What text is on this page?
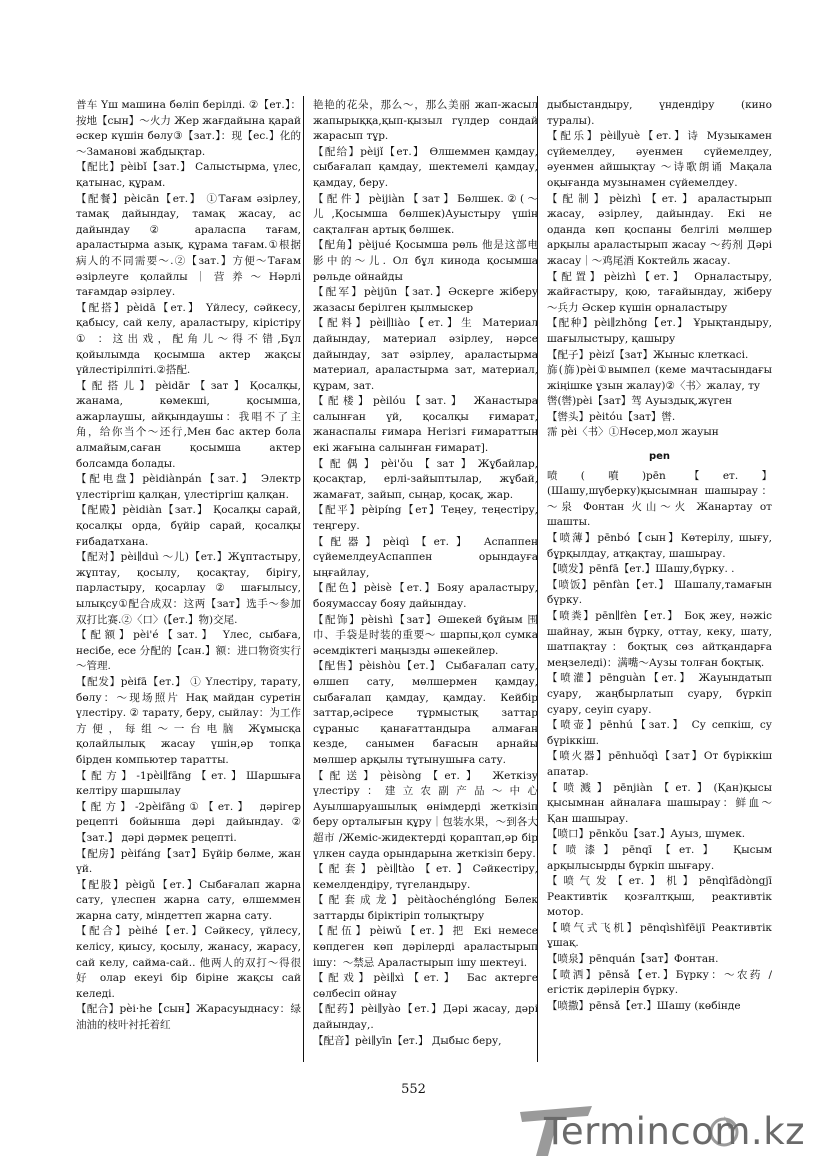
普车 Үш машина бөліп берілді. ②【ет.】：按地【сын】～火力 Жер жағдайына қарай әскер күшін бөлу③【зат.】：现【ес.】化的～Заманові жабдықтар.

【配比】pèibǐ【зат.】 Салыстырма, үлес, қатынас, құрам.

【配餐】pèicān【ет.】 ①Тағам әзірлеу, тамақ дайындау, тамақ жасау, ас дайындау ② араласпа тағам, араластырма азық, құрама тағам.①根据病人的不同需要～.②【зат.】方便～Тағам әзірлеуге қолайлы｜营养～Нәрлі тағамдар әзірлеу.

【配搭】pèidā【ет.】 Үйлесу, сәйкесу, қабысу, сай келу, араластыру, кірістіру ① ：这出戏，配角儿～得不错,Бұл қойылымда қосымша актер жақсы үйлестірілпіті.②搭配.

【配搭儿】pèidār【зат】Қосалқы, жанама, көмекші, қосымша, ажарлаушы, айқындаушы：我唱不了主角，给你当个～还行,Мен бас актер бола алмайым,саған қосымша актер болсамда болады.

【配电盘】pèidiànpán【зат.】 Электр үлестіргіш қалқан, үлестіргіш қалқан.

【配殿】pèidiàn【зат.】 Қосалқы сарай, қосалқы орда, бүйір сарай, қосалқы ғибадатхана.

【配对】pèi∥duì ～儿)【ет.】Жұптастыру, жұптау, қосылу, қосақтау, бірігу, парластыру, қосарлау ② шағылысу, ылықсу①配合成双：这两【зат】选手～参加双打比赛.②〈口〉(【ет.】物)交尾.

【配额】pèi'é【зат.】 Үлес, сыбаға, несібе, есе 分配的【сан.】额：进口物资实行～管理.

【配发】pèifā【ет.】 ① Үлестіру, тарату, бөлу：～现场照片 Нақ майдан суретін үлестіру. ② тарату, беру, сыйлау：为工作方便，每组～一台电脑 Жұмысқа қолайлылық жасау үшін,әр топқа бірден компьютер таратты.

【配方】-1pèi∥fāng【ет.】Шаршыға келтіру шаршылау

【配方】-2pèifāng①【ет.】 дәрігер рецепті бойынша дәрі дайындау.②【зат.】 дәрі дәрмек рецепті.

【配房】pèifáng【зат】Бүйір бөлме, жан үй.

【配股】pèigǔ【ет.】Сыбағалап жарна сату, үлеспен жарна сату, өлшеммен жарна сату, міндеттеп жарна сату.

【配合】pèihé【ет.】Сәйкесу, үйлесу, келісу, қиысу, қосылу, жанасу, жарасу, сай келу, сайма-сай.. 他两人的双打～得很好 олар екеуі бір біріне жақсы сай келеді.

【配合】pèi·he【сын】Жарасуыднасу：绿油油的枝叶衬托着红

艳艳的花朵，那么～，那么美丽 жап-жасыл жапырыққа,қып-қызыл гүлдер сондай жарасып тұр.

【配给】pèijǐ【ет.】 Өлшеммен қамдау, сыбағалап қамдау, шектемелі қамдау, қамдау, беру.

【配件】pèijiàn【зат】Бөлшек.②(～儿,Қосымша бөлшек)Ауыстыру үшін сақталған артық бөлшек.

【配角】pèijué Қосымша рөль 他是这部电影中的～儿. Ол бұл кинода қосымша рөльде ойнайды

【配军】pèijūn【зат.】Әскерге жіберу жазасы берілген қылмыскер

【配料】pèi∥liào【ет.】生 Материал дайындау, материал әзірлеу, нәрсе дайындау, зат әзірлеу, араластырма материал, араластырма зат, материал, құрам, зат.

【配楼】pèilóu【зат.】 Жанастыра салынған үй, қосалқы ғимарат, жанаспалы ғимара Негізгі ғимараттың екі жағына салынған ғимарат].

【配偶】pèi'ǒu【зат】Жұбайлар, қосақтар, ерлі-зайыптылар, жұбай, жамағат, зайып, сыңар, қосақ, жар.

【配平】pèipíng【ет】Теңеу, теңестіру, теңгеру.

【配器】pèiqì【ет.】 Аспаппен сүйемелдеуАспаппен орындауға ыңғайлау,

【配色】pèisè【ет.】Бояу араластыру, бояумассау бояу дайындау.

【配饰】pèishì【зат】Әшекей бұйым 围巾、手袋是时装的重要～ шарпы,қол сумка әсемдіктегі маңызды әшекейлер.

【配售】pèishòu【ет.】 Сыбағалап сату, өлшеп сату, мөлшермен қамдау, сыбағалап қамдау, қамдау. Кейбір заттар,әсіресе тұрмыстық заттар сұраныс қанағаттандыра алмаған кезде, санымен бағасын арнайы мөлшер арқылы тұтынушыға сату.

【配送】pèisòng【ет.】 Жеткізу үлестіру：建立农副产品～中心 Ауылшаруашылық өнімдерді жеткізіп беру орталығын құру｜包装水果，～到各大超市 /Жеміс-жидектерді қораптап,әр бір үлкен сауда орындарына жеткізіп беру.

【配套】pèi∥tào【ет.】Сәйкестіру, кемелдендіру, түгеландыру.

【配套成龙】pèitàochénglóng Бөлек заттарды біріктіріп толықтыру

【配伍】pèiwǔ【ет.】把 Екі немесе көпдеген көп дәрілерді араластырып ішу：～禁忌 Араластырып ішу шектеуі.

【配戏】pèi∥xì【ет.】 Бас актерге сөлбесіп ойнау

【配药】pèi∥yào【ет.】Дәрі жасау, дәрі дайындау,.

【配音】pèi∥yīn【ет.】 Дыбыс беру,

дыбыстандыру, үндендіру (кино туралы).

【配乐】pèi∥yuè【ет.】诗 Музыкамен сүйемелдеу, әуенмен сүйемелдеу, әуенмен айшықтау ～诗歌朗诵 Мақала оқығанда музынамен сүйемелдеу.

【配制】pèizhì【ет.】араластырып жасау, әзірлеу, дайындау. Екі не оданда көп қоспаны белгілі мөлшер арқылы араластырып жасау ～药剂 Дәрі жасау｜～鸡尾酒 Коктейль жасау.

【配置】pèizhì【ет.】 Орналастыру, жайғастыру, қою, тағайындау, жіберу ～兵力 Әскер күшін орналастыру

【配种】pèi∥zhǒng【ет.】 Ұрықтандыру, шағылыстыру, қашыру

【配子】pèizǐ【зат】Жыныс клеткасі.

旆(旆)pèi①вымпел (кеме мачтасындағы жіңішке ұзын жалау)②〈书〉жалау, ту

辔(辔)pèi【зат】驾 Ауыздық,жүген

【辔头】pèitóu【зат】辔.

霈 pèi〈书〉①Нөсер,мол жауын

pen

喷(噴)pēn【ет.】(Шашу,шүберку)қысымнан шашырау：～泉 Фонтан 火山～火 Жанартау от шашты.

【喷薄】pēnbó【сын】Көтерілу, шығу, бұрқылдау, атқақтау, шашырау.

【喷发】pēnfā【ет.】Шашу,бүрку. .

【喷饭】pēnfàn【ет.】 Шашалу,тамағын бүрку.

【喷粪】pēn∥fèn【ет.】 Боқ жеу, нәжіс шайнау, жын бүрку, оттау, кеку, шату, шатпақтау：боқтық сөз айтқандарға меңзеледі)：满嘴～Аузы толған боқтық.

【喷灌】pēnguàn【ет.】 Жауындатып суару, жаңбырлатып суару, бүркіп суару, сеуіп суару.

【喷壶】pēnhú【зат.】 Су сепкіш, су бүріккіш.

【喷火器】pēnhuǒqì【зат】От бүріккіш апатар.

【喷溅】pēnjiàn【ет.】(Қан)қысы қысымнан айналаға шашырау：鲜血～Қан шашырау.

【喷口】pēnkǒu【зат.】Ауыз, шүмек.

【喷漆】pēnqī【ет.】 Қысым арқылысырды бүркіп шығару.

【喷气发【ет.】机】pēnqìfādòngjī Реактивтік қозғалтқыш, реактивтік мотор.

【喷气式飞机】pēnqìshìfēijī Реактивтік ұшақ.

【喷泉】pēnquán【зат】Фонтан.

【喷洒】pēnsǎ【ет.】Бүрку：～农药 /егістік дәрілерін бүрку.

【喷撒】pēnsǎ【ет.】Шашу (көбінде

552
Termincom.kz
